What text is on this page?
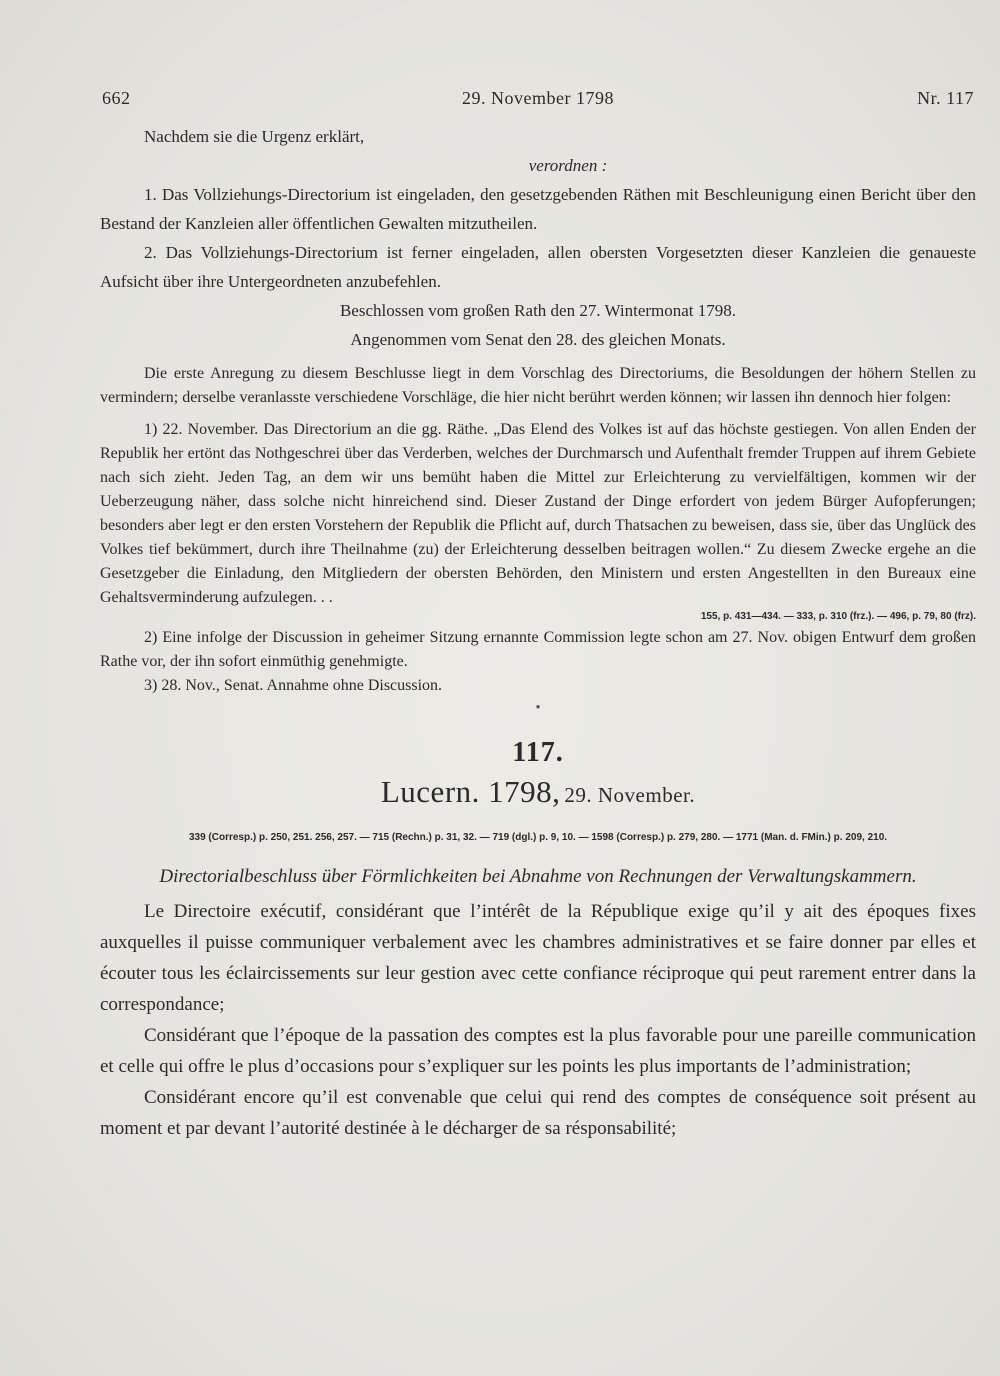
662	29. November 1798	Nr. 117

Nachdem sie die Urgenz erklärt,

verordnen :

1. Das Vollziehungs-Directorium ist eingeladen, den gesetzgebenden Räthen mit Beschleunigung einen Bericht über den Bestand der Kanzleien aller öffentlichen Gewalten mitzutheilen.

2. Das Vollziehungs-Directorium ist ferner eingeladen, allen obersten Vorgesetzten dieser Kanzleien die genaueste Aufsicht über ihre Untergeordneten anzubefehlen.

Beschlossen vom großen Rath den 27. Wintermonat 1798.

Angenommen vom Senat den 28. des gleichen Monats.

Die erste Anregung zu diesem Beschlusse liegt in dem Vorschlag des Directoriums, die Besoldungen der höhern Stellen zu vermindern; derselbe veranlasste verschiedene Vorschläge, die hier nicht berührt werden können; wir lassen ihn dennoch hier folgen:

1) 22. November. Das Directorium an die gg. Räthe. „Das Elend des Volkes ist auf das höchste gestiegen. Von allen Enden der Republik her ertönt das Nothgeschrei über das Verderben, welches der Durchmarsch und Aufenthalt fremder Truppen auf ihrem Gebiete nach sich zieht. Jeden Tag, an dem wir uns bemüht haben die Mittel zur Erleichterung zu vervielfältigen, kommen wir der Ueberzeugung näher, dass solche nicht hinreichend sind. Dieser Zustand der Dinge erfordert von jedem Bürger Aufopferungen; besonders aber legt er den ersten Vorstehern der Republik die Pflicht auf, durch Thatsachen zu beweisen, dass sie, über das Unglück des Volkes tief bekümmert, durch ihre Theilnahme (zu) der Erleichterung desselben beitragen wollen.“ Zu diesem Zwecke ergehe an die Gesetzgeber die Einladung, den Mitgliedern der obersten Behörden, den Ministern und ersten Angestellten in den Bureaux eine Gehaltsverminderung aufzulegen. . .

155, p. 431—434. — 333, p. 310 (frz.). — 496, p. 79, 80 (frz).

2) Eine infolge der Discussion in geheimer Sitzung ernannte Commission legte schon am 27. Nov. obigen Entwurf dem großen Rathe vor, der ihn sofort einmüthig genehmigte.

3) 28. Nov., Senat. Annahme ohne Discussion.

●
117.
Lucern. 1798, 29. November.
339 (Corresp.) p. 250, 251. 256, 257. — 715 (Rechn.) p. 31, 32. — 719 (dgl.) p. 9, 10. — 1598 (Corresp.) p. 279, 280. — 1771 (Man. d. FMin.) p. 209, 210.
Directorialbeschluss über Förmlichkeiten bei Abnahme von Rechnungen der Verwaltungskammern.

Le Directoire exécutif, considérant que l’intérêt de la République exige qu’il y ait des époques fixes auxquelles il puisse communiquer verbalement avec les chambres administratives et se faire donner par elles et écouter tous les éclaircissements sur leur gestion avec cette confiance réciproque qui peut rarement entrer dans la correspondance;

Considérant que l’époque de la passation des comptes est la plus favorable pour une pareille communication et celle qui offre le plus d’occasions pour s’expliquer sur les points les plus importants de l’administration;

Considérant encore qu’il est convenable que celui qui rend des comptes de conséquence soit présent au moment et par devant l’autorité destinée à le décharger de sa résponsabilité;
